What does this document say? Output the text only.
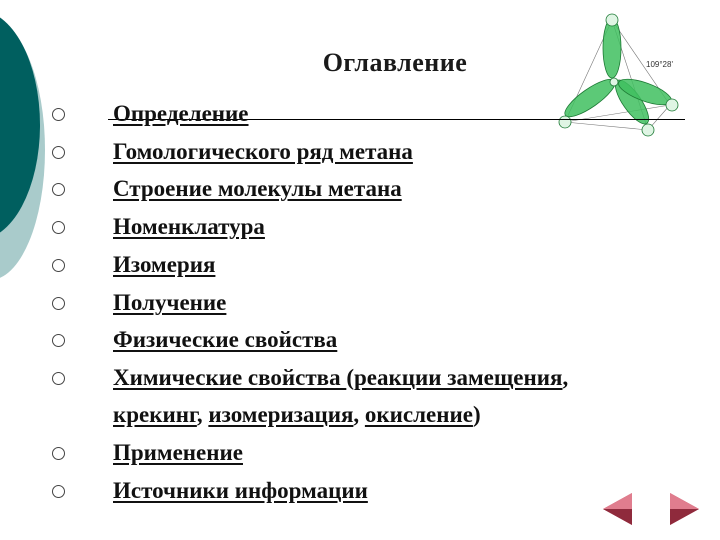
Оглавление	109°28'
Определение
Гомологического ряд метана
Строение молекулы метана
Номенклатура
Изомерия
Получение
Физические свойства
Химические свойства (реакции замещения,
крекинг, изомеризация, окисление)
Применение
Источники информации
